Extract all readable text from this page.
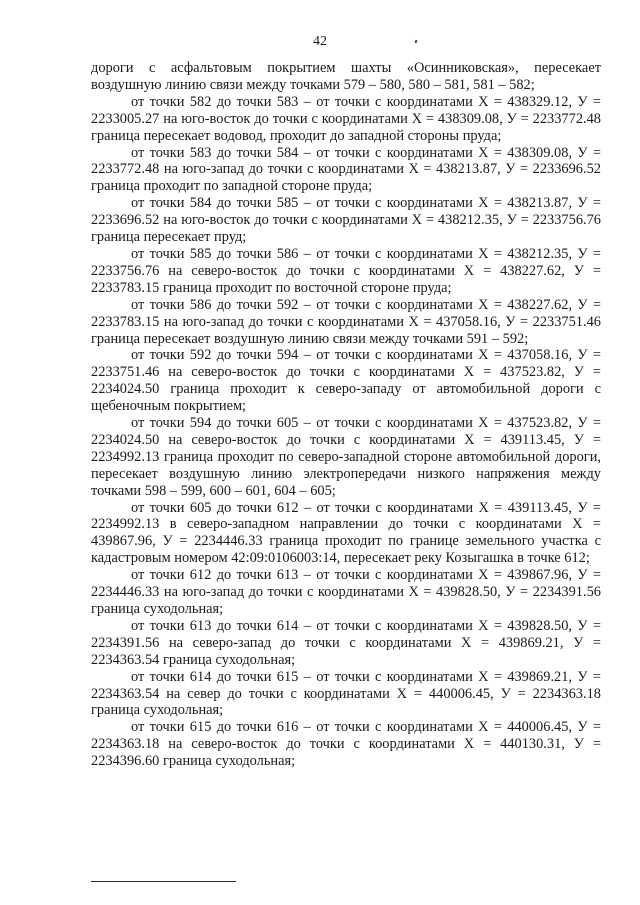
42

дороги с асфальтовым покрытием шахты «Осинниковская», пересекает воздушную линию связи между точками 579 – 580, 580 – 581, 581 – 582;

от точки 582 до точки 583 – от точки с координатами Х = 438329.12, У = 2233005.27 на юго-восток до точки с координатами Х = 438309.08, У = 2233772.48 граница пересекает водовод, проходит до западной стороны пруда;

от точки 583 до точки 584 – от точки с координатами Х = 438309.08, У = 2233772.48 на юго-запад до точки с координатами Х = 438213.87, У = 2233696.52 граница проходит по западной стороне пруда;

от точки 584 до точки 585 – от точки с координатами Х = 438213.87, У = 2233696.52 на юго-восток до точки с координатами Х = 438212.35, У = 2233756.76 граница пересекает пруд;

от точки 585 до точки 586 – от точки с координатами Х = 438212.35, У = 2233756.76 на северо-восток до точки с координатами Х = 438227.62, У = 2233783.15 граница проходит по восточной стороне пруда;

от точки 586 до точки 592 – от точки с координатами Х = 438227.62, У = 2233783.15 на юго-запад до точки с координатами Х = 437058.16, У = 2233751.46 граница пересекает воздушную линию связи между точками 591 – 592;

от точки 592 до точки 594 – от точки с координатами Х = 437058.16, У = 2233751.46 на северо-восток до точки с координатами Х = 437523.82, У = 2234024.50 граница проходит к северо-западу от автомобильной дороги с щебеночным покрытием;

от точки 594 до точки 605 – от точки с координатами Х = 437523.82, У = 2234024.50 на северо-восток до точки с координатами Х = 439113.45, У = 2234992.13 граница проходит по северо-западной стороне автомобильной дороги, пересекает воздушную линию электропередачи низкого напряжения между точками 598 – 599, 600 – 601, 604 – 605;

от точки 605 до точки 612 – от точки с координатами Х = 439113.45, У = 2234992.13 в северо-западном направлении до точки с координатами Х = 439867.96, У = 2234446.33 граница проходит по границе земельного участка с кадастровым номером 42:09:0106003:14, пересекает реку Козыгашка в точке 612;

от точки 612 до точки 613 – от точки с координатами Х = 439867.96, У = 2234446.33 на юго-запад до точки с координатами Х = 439828.50, У = 2234391.56 граница суходольная;

от точки 613 до точки 614 – от точки с координатами Х = 439828.50, У = 2234391.56 на северо-запад до точки с координатами Х = 439869.21, У = 2234363.54 граница суходольная;

от точки 614 до точки 615 – от точки с координатами Х = 439869.21, У = 2234363.54 на север до точки с координатами Х = 440006.45, У = 2234363.18 граница суходольная;

от точки 615 до точки 616 – от точки с координатами Х = 440006.45, У = 2234363.18 на северо-восток до точки с координатами Х = 440130.31, У = 2234396.60 граница суходольная;
